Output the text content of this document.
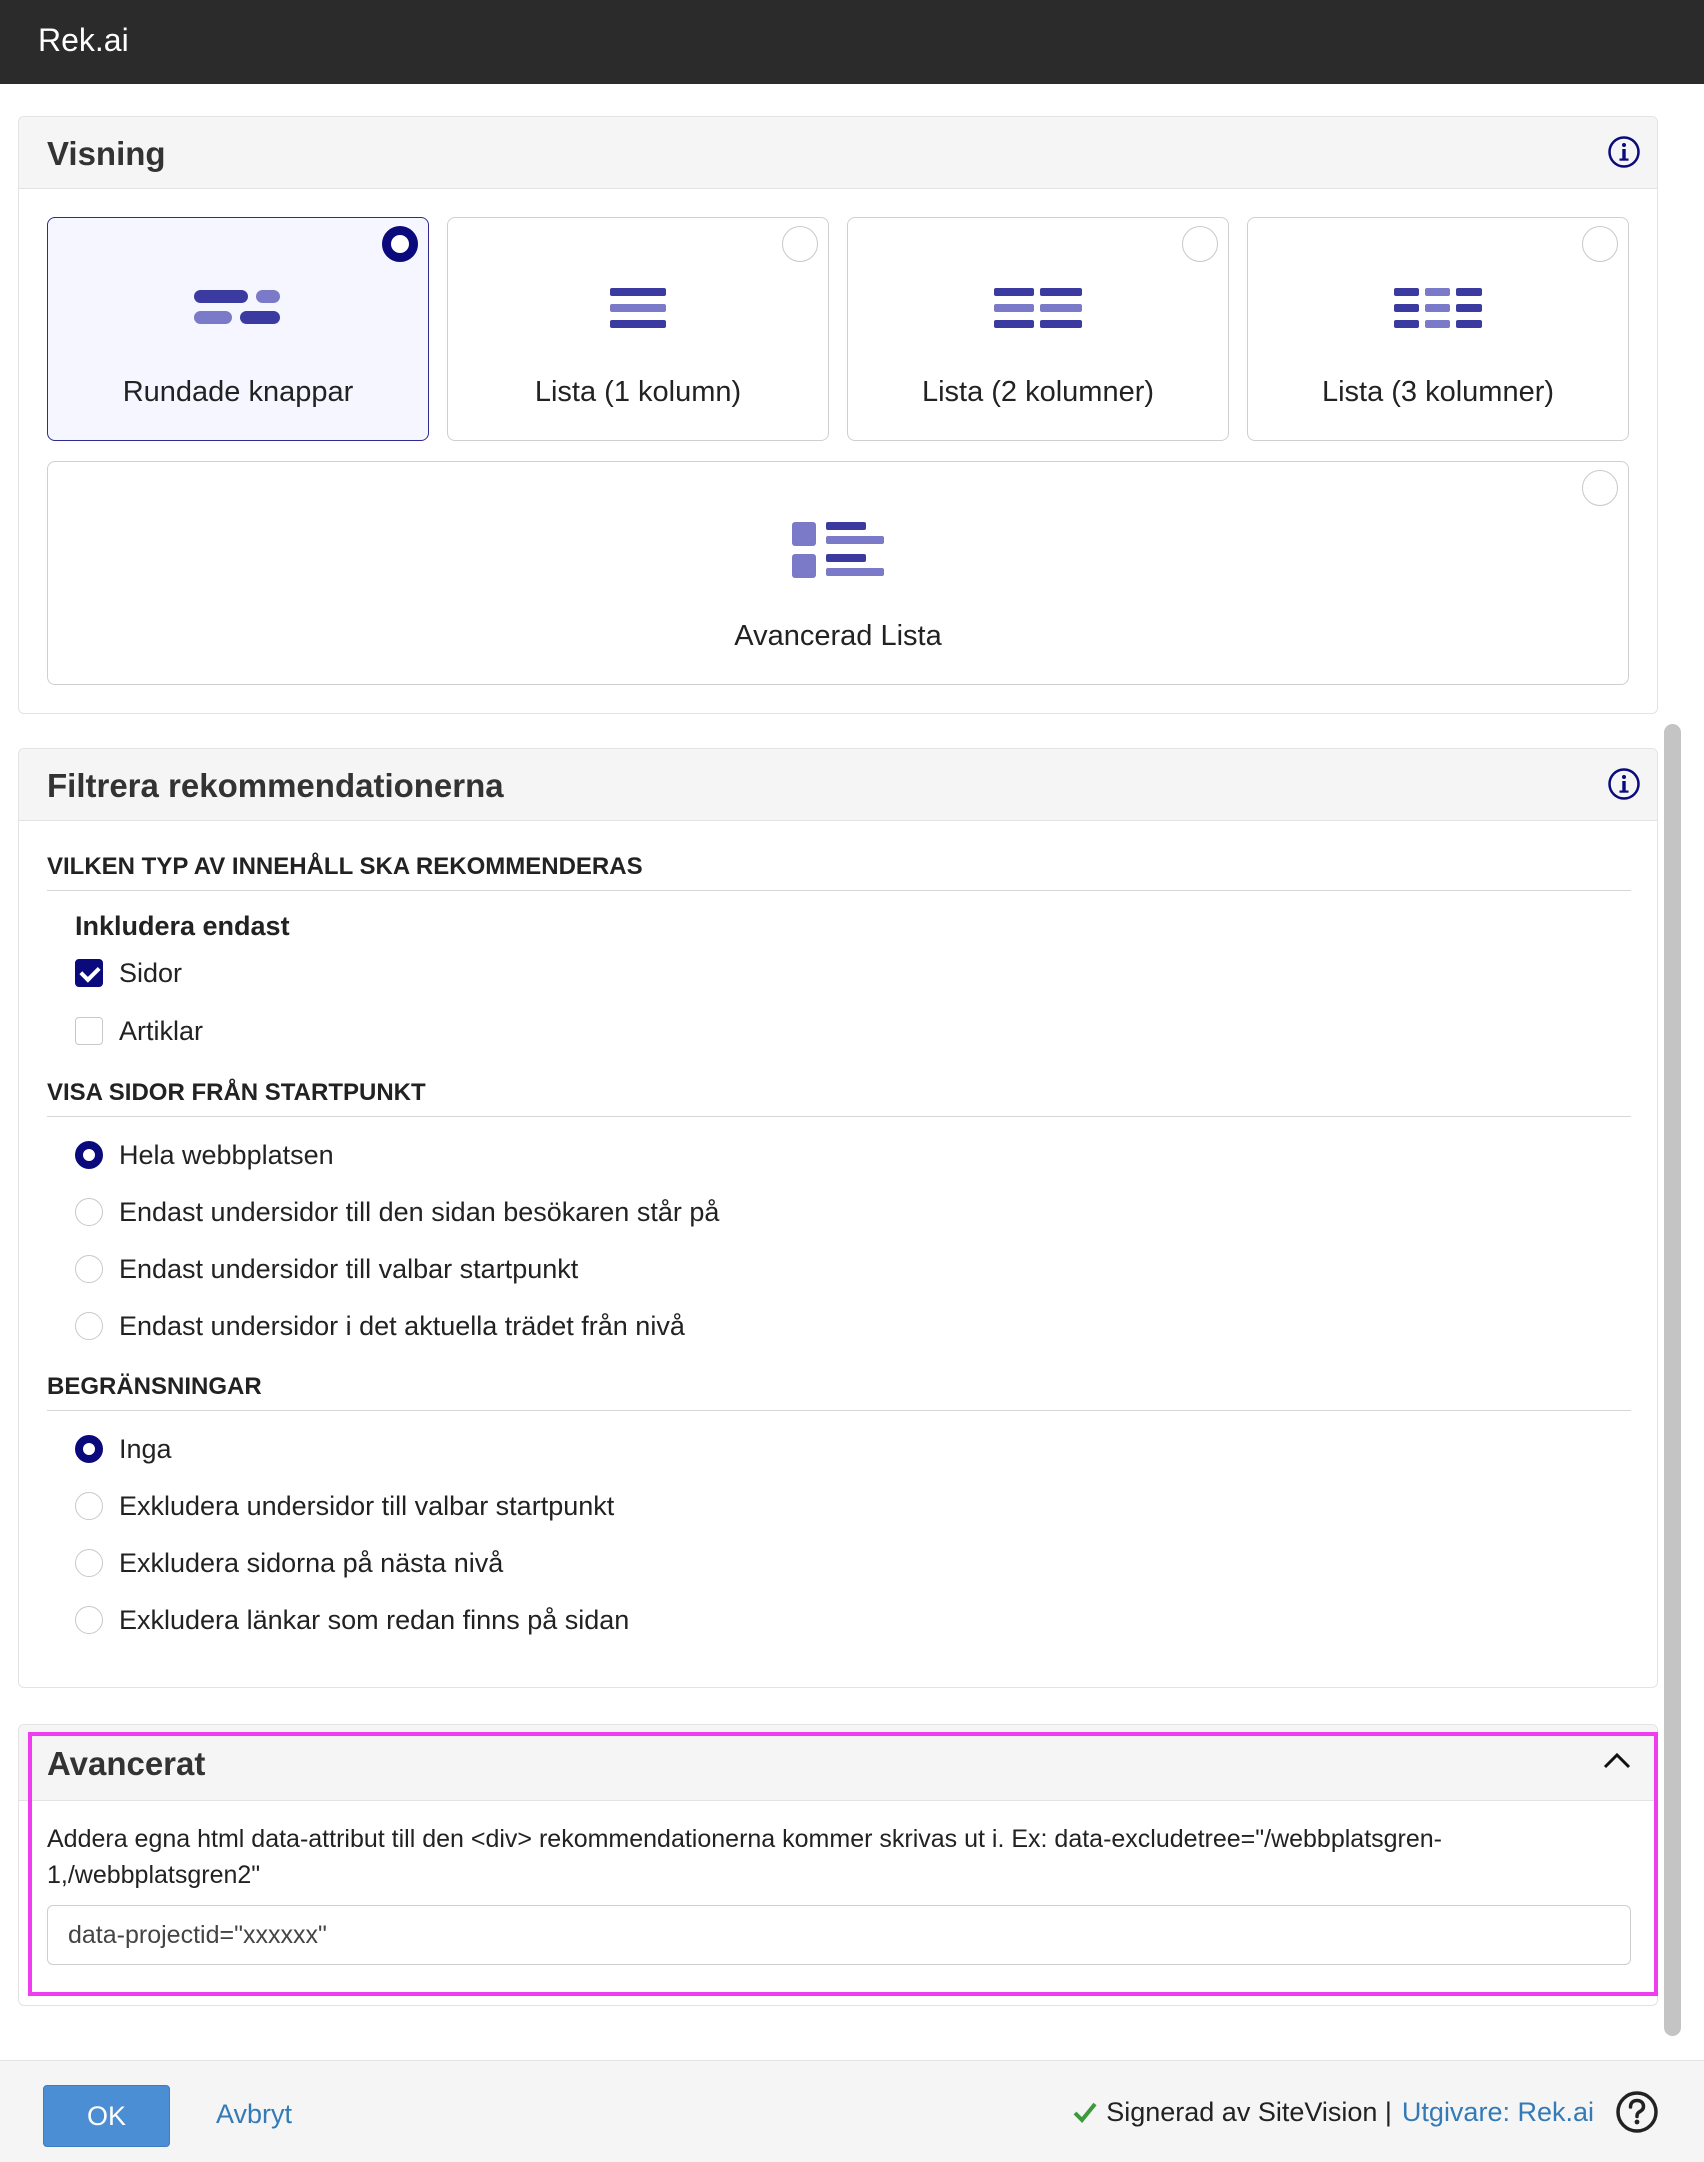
Rek.ai
Visning
Rundade knappar	Lista (1 kolumn)	Lista (2 kolumner)	Lista (3 kolumner)
Avancerad Lista
Filtrera rekommendationerna
VILKEN TYP AV INNEHÅLL SKA REKOMMENDERAS
Inkludera endast
Sidor
Artiklar
VISA SIDOR FRÅN STARTPUNKT
Hela webbplatsen
Endast undersidor till den sidan besökaren står på
Endast undersidor till valbar startpunkt
Endast undersidor i det aktuella trädet från nivå
BEGRÄNSNINGAR
Inga
Exkludera undersidor till valbar startpunkt
Exkludera sidorna på nästa nivå
Exkludera länkar som redan finns på sidan
Avancerat
Addera egna html data-attribut till den <div> rekommendationerna kommer skrivas ut i. Ex: data-excludetree="/webbplatsgren-1,/webbplatsgren2"
data-projectid="xxxxxx"
OK	Avbryt	Signerad av SiteVision | Utgivare: Rek.ai
